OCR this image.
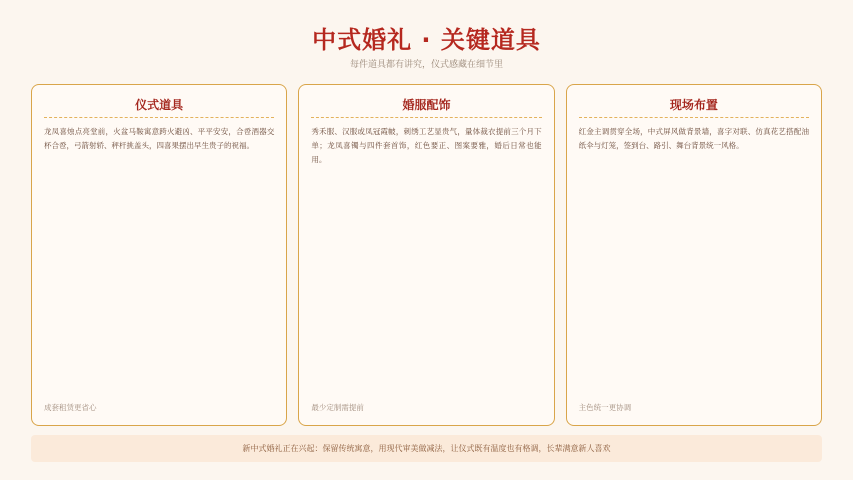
中式婚礼 · 关键道具
每件道具都有讲究，仪式感藏在细节里
仪式道具
龙凤喜烛点亮堂前，火盆马鞍寓意跨火避凶、平平安安，合卺酒器交杯合卺，弓箭射轿、秤杆挑盖头，四喜果摆出早生贵子的祝福。
成套租赁更省心
婚服配饰
秀禾服、汉服或凤冠霞帔，刺绣工艺显贵气，量体裁衣提前三个月下单；龙凤喜镯与四件套首饰，红色要正、图案要雅，婚后日常也能用。
最少定制需提前
现场布置
红金主调贯穿全场，中式屏风做背景墙，喜字对联、仿真花艺搭配油纸伞与灯笼，签到台、路引、舞台背景统一风格。
主色统一更协调
新中式婚礼正在兴起：保留传统寓意，用现代审美做减法，让仪式既有温度也有格调，长辈满意新人喜欢
